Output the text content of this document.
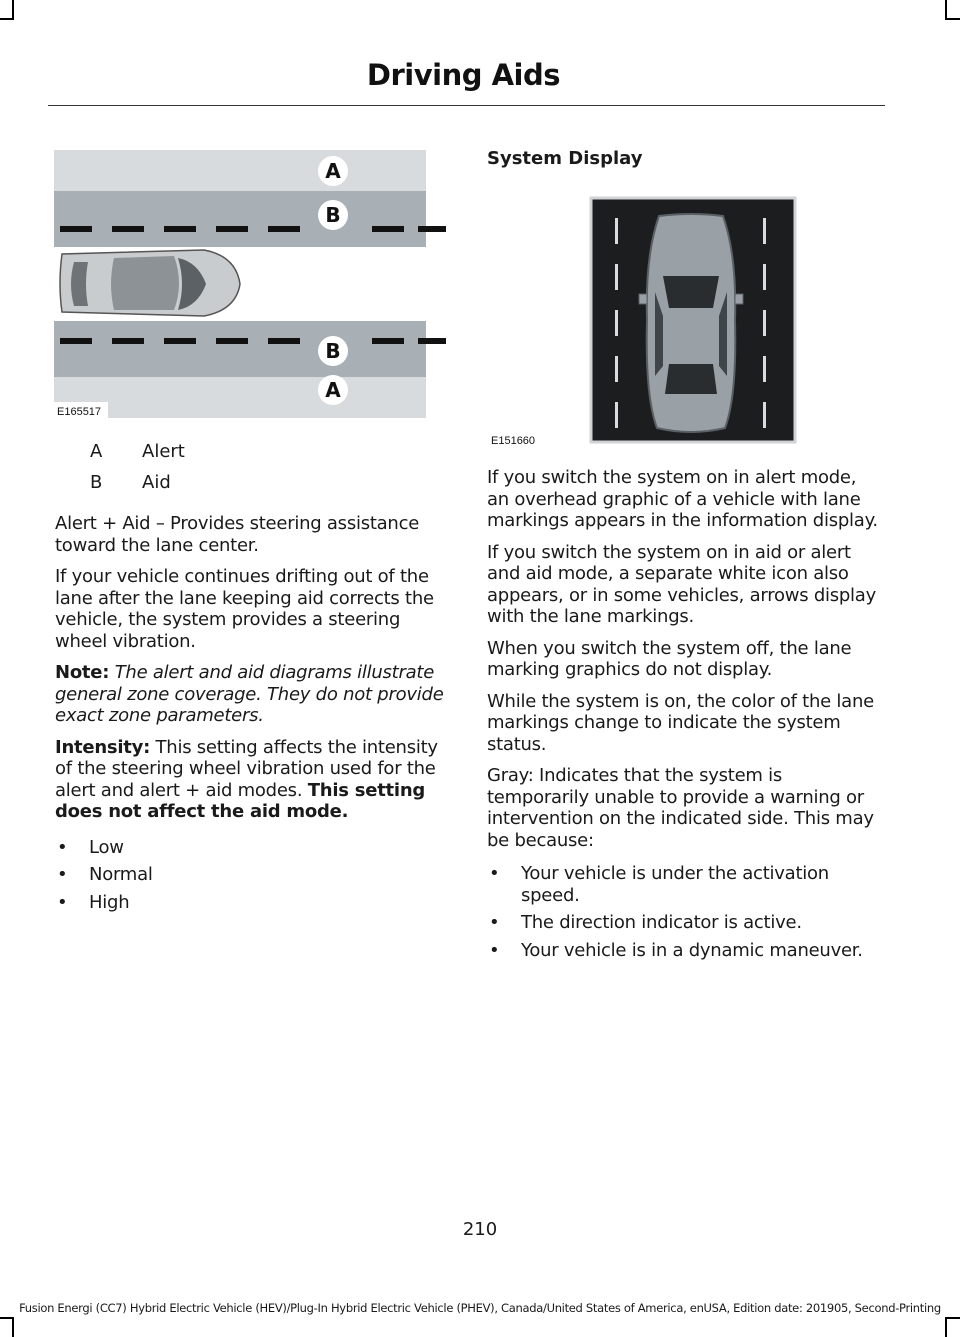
Driving Aids
A
B
B
A
E165517
A Alert
B Aid

Alert + Aid – Provides steering assistance toward the lane center.

If your vehicle continues drifting out of the lane after the lane keeping aid corrects the vehicle, the system provides a steering wheel vibration.

Note: The alert and aid diagrams illustrate general zone coverage. They do not provide exact zone parameters.

Intensity: This setting affects the intensity of the steering wheel vibration used for the alert and alert + aid modes. This setting does not affect the aid mode.

• Low
• Normal
• High
System Display
E151660

If you switch the system on in alert mode, an overhead graphic of a vehicle with lane markings appears in the information display.

If you switch the system on in aid or alert and aid mode, a separate white icon also appears, or in some vehicles, arrows display with the lane markings.

When you switch the system off, the lane marking graphics do not display.

While the system is on, the color of the lane markings change to indicate the system status.

Gray: Indicates that the system is temporarily unable to provide a warning or intervention on the indicated side. This may be because:

• Your vehicle is under the activation speed.
• The direction indicator is active.
• Your vehicle is in a dynamic maneuver.
210
Fusion Energi (CC7) Hybrid Electric Vehicle (HEV)/Plug-In Hybrid Electric Vehicle (PHEV), Canada/United States of America, enUSA, Edition date: 201905, Second-Printing
